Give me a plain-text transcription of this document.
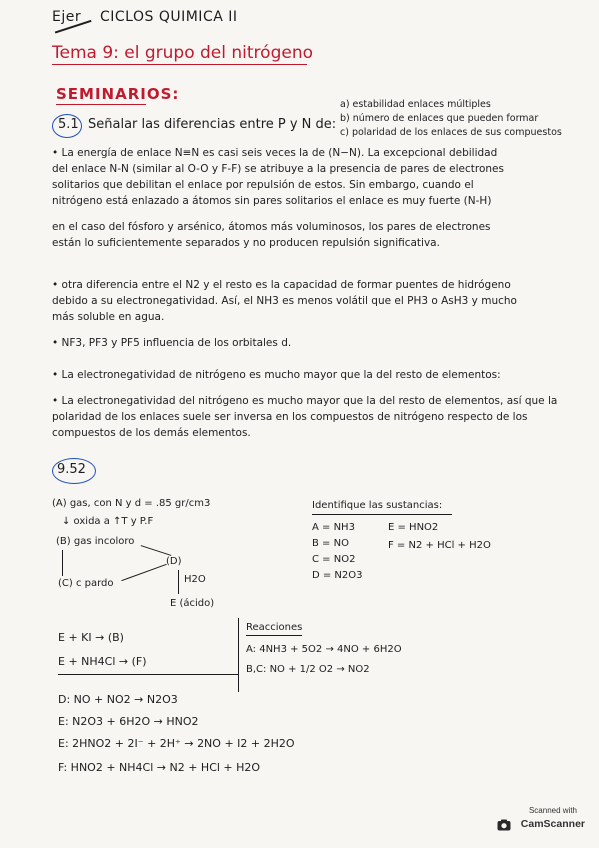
Ejer CICLOS QUIMICA II
Tema 9: el grupo del nitrógeno
SEMINARIOS:
5.1 Señalar las diferencias entre P y N de:
a) estabilidad enlaces múltiples
b) número de enlaces que pueden formar
c) polaridad de los enlaces de sus compuestos
• La energía de enlace N≡N es casi seis veces la de (N−N). La excepcional debilidad
del enlace N-N (similar al O-O y F-F) se atribuye a la presencia de pares de electrones
solitarios que debilitan el enlace por repulsión de estos. Sin embargo, cuando el
nitrógeno está enlazado a átomos sin pares solitarios el enlace es muy fuerte (N-H)
en el caso del fósforo y arsénico, átomos más voluminosos, los pares de electrones
están lo suficientemente separados y no producen repulsión significativa.
• otra diferencia entre el N2 y el resto es la capacidad de formar puentes de hidrógeno
debido a su electronegatividad. Así, el NH3 es menos volátil que el PH3 o AsH3 y mucho
más soluble en agua.
• NF3, PF3 y PF5 influencia de los orbitales d.
• La electronegatividad de nitrógeno es mucho mayor que la del resto de elementos:
• La electronegatividad del nitrógeno es mucho mayor que la del resto de elementos, así que la
polaridad de los enlaces suele ser inversa en los compuestos de nitrógeno respecto de los
compuestos de los demás elementos.
9.52
(A) gas, con N y d = .85 gr/cm3
↓ oxida a ↑T y P.F
(B) gas incoloro
(C) c pardo
(D)
H2O
E (ácido)
Identifique las sustancias:
A = NH3
B = NO
C = NO2
D = N2O3
E = HNO2
F = N2 + HCl + H2O
E + KI → (B)
E + NH4Cl → (F)
Reacciones
A: 4NH3 + 5O2 → 4NO + 6H2O
B,C: NO + 1/2 O2 → NO2
D: NO + NO2 → N2O3
E: N2O3 + 6H2O → HNO2
E: 2HNO2 + 2I⁻ + 2H⁺ → 2NO + I2 + 2H2O
F: HNO2 + NH4Cl → N2 + HCl + H2O
Scanned with
CamScanner
